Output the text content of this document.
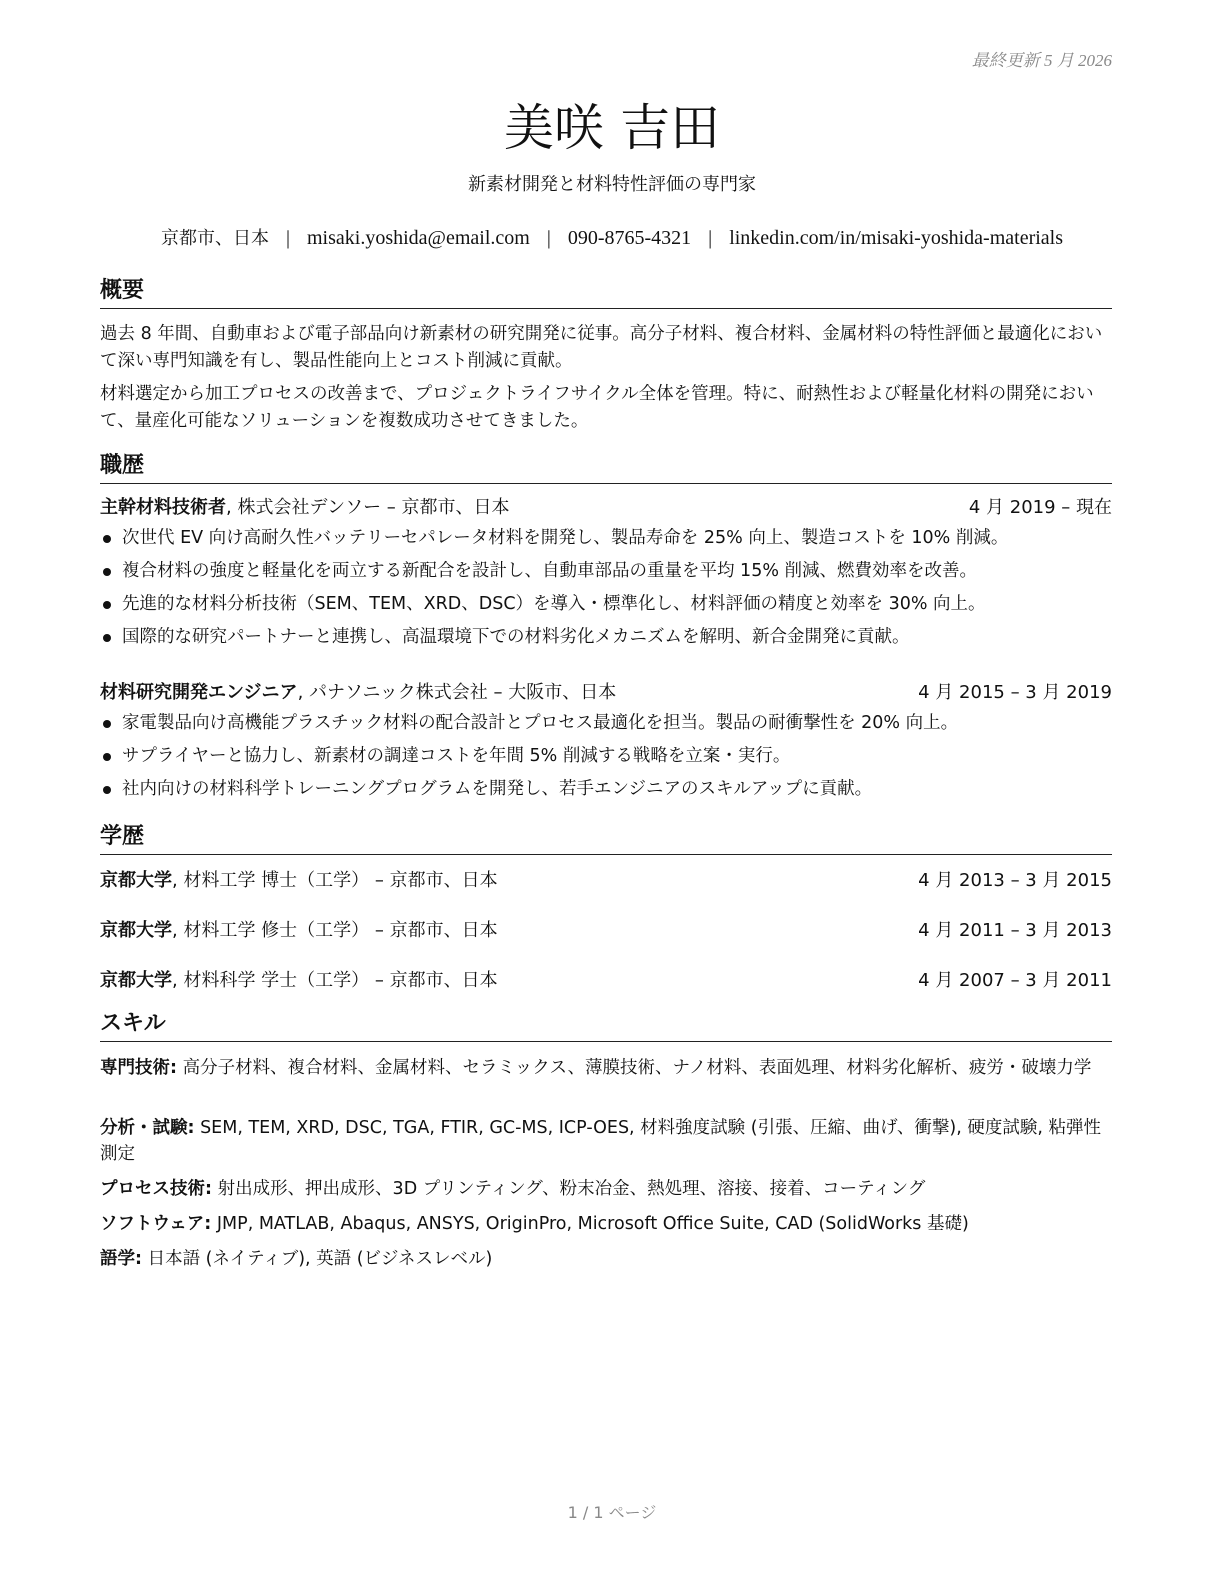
最終更新 5 月 2026
美咲 吉田
新素材開発と材料特性評価の専門家
京都市、日本 | misaki.yoshida@email.com | 090-8765-4321 | linkedin.com/in/misaki-yoshida-materials
概要

過去 8 年間、自動車および電子部品向け新素材の研究開発に従事。高分子材料、複合材料、金属材料の特性評価と最適化において深い専門知識を有し、製品性能向上とコスト削減に貢献。

材料選定から加工プロセスの改善まで、プロジェクトライフサイクル全体を管理。特に、耐熱性および軽量化材料の開発において、量産化可能なソリューションを複数成功させてきました。

職歴
主幹材料技術者, 株式会社デンソー – 京都市、日本	4 月 2019 – 現在
次世代 EV 向け高耐久性バッテリーセパレータ材料を開発し、製品寿命を 25% 向上、製造コストを 10% 削減。
複合材料の強度と軽量化を両立する新配合を設計し、自動車部品の重量を平均 15% 削減、燃費効率を改善。
先進的な材料分析技術（SEM、TEM、XRD、DSC）を導入・標準化し、材料評価の精度と効率を 30% 向上。
国際的な研究パートナーと連携し、高温環境下での材料劣化メカニズムを解明、新合金開発に貢献。
材料研究開発エンジニア, パナソニック株式会社 – 大阪市、日本	4 月 2015 – 3 月 2019
家電製品向け高機能プラスチック材料の配合設計とプロセス最適化を担当。製品の耐衝撃性を 20% 向上。
サプライヤーと協力し、新素材の調達コストを年間 5% 削減する戦略を立案・実行。
社内向けの材料科学トレーニングプログラムを開発し、若手エンジニアのスキルアップに貢献。
学歴
京都大学, 材料工学 博士（工学） – 京都市、日本	4 月 2013 – 3 月 2015
京都大学, 材料工学 修士（工学） – 京都市、日本	4 月 2011 – 3 月 2013
京都大学, 材料科学 学士（工学） – 京都市、日本	4 月 2007 – 3 月 2011
スキル

専門技術: 高分子材料、複合材料、金属材料、セラミックス、薄膜技術、ナノ材料、表面処理、材料劣化解析、疲労・破壊力学

分析・試験: SEM, TEM, XRD, DSC, TGA, FTIR, GC-MS, ICP-OES, 材料強度試験 (引張、圧縮、曲げ、衝撃), 硬度試験, 粘弾性測定

プロセス技術: 射出成形、押出成形、3D プリンティング、粉末冶金、熱処理、溶接、接着、コーティング

ソフトウェア: JMP, MATLAB, Abaqus, ANSYS, OriginPro, Microsoft Office Suite, CAD (SolidWorks 基礎)

語学: 日本語 (ネイティブ), 英語 (ビジネスレベル)

1 / 1 ページ
